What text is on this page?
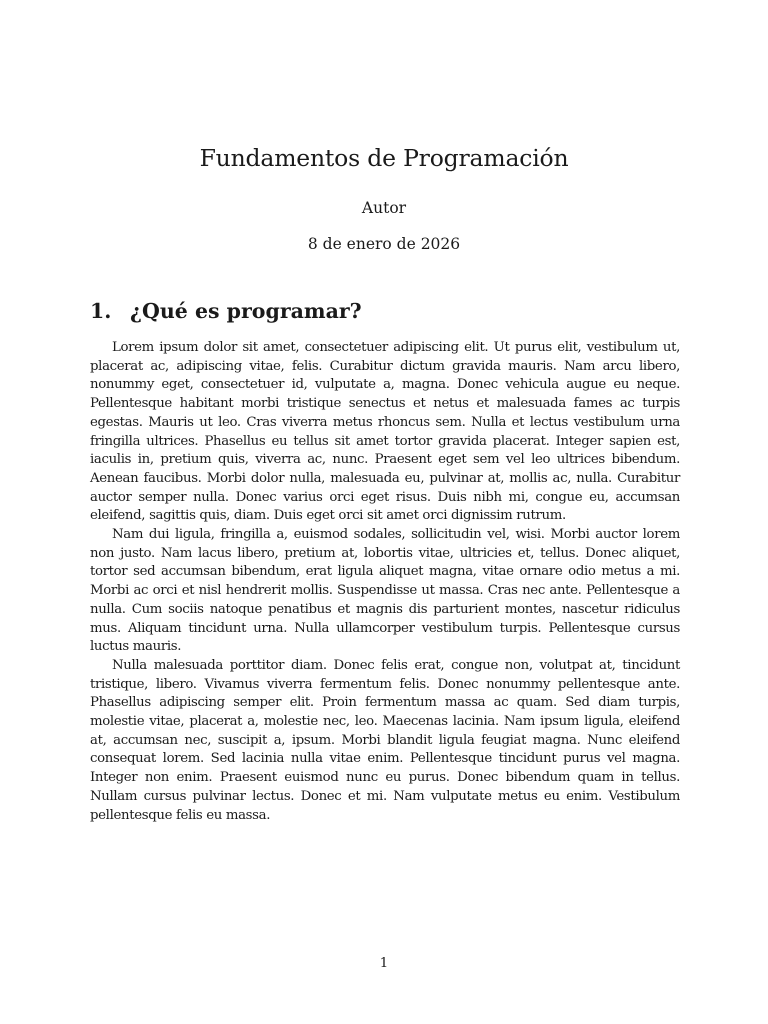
Fundamentos de Programación
Autor
8 de enero de 2026
1. ¿Qué es programar?

Lorem ipsum dolor sit amet, consectetuer adipiscing elit. Ut purus elit, vestibulum ut, placerat ac, adipiscing vitae, felis. Curabitur dictum gravida mauris. Nam arcu libero, nonummy eget, consectetuer id, vulputate a, magna. Donec vehicula augue eu neque. Pellentesque habitant morbi tristique senectus et netus et malesuada fames ac turpis egestas. Mauris ut leo. Cras viverra metus rhoncus sem. Nulla et lectus vestibulum urna fringilla ultrices. Phasellus eu tellus sit amet tortor gravida placerat. Integer sapien est, iaculis in, pretium quis, viverra ac, nunc. Praesent eget sem vel leo ultrices bibendum. Aenean faucibus. Morbi dolor nulla, malesuada eu, pulvinar at, mollis ac, nulla. Curabitur auctor semper nulla. Donec varius orci eget risus. Duis nibh mi, congue eu, accumsan eleifend, sagittis quis, diam. Duis eget orci sit amet orci dignissim rutrum.

Nam dui ligula, fringilla a, euismod sodales, sollicitudin vel, wisi. Morbi auctor lorem non justo. Nam lacus libero, pretium at, lobortis vitae, ultricies et, tellus. Donec aliquet, tortor sed accumsan bibendum, erat ligula aliquet magna, vitae ornare odio metus a mi. Morbi ac orci et nisl hendrerit mollis. Suspendisse ut massa. Cras nec ante. Pellentesque a nulla. Cum sociis natoque penatibus et magnis dis parturient montes, nascetur ridiculus mus. Aliquam tincidunt urna. Nulla ullamcorper vestibulum turpis. Pellentesque cursus luctus mauris.

Nulla malesuada porttitor diam. Donec felis erat, congue non, volutpat at, tincidunt tristique, libero. Vivamus viverra fermentum felis. Donec nonummy pellentesque ante. Phasellus adipiscing semper elit. Proin fermentum massa ac quam. Sed diam turpis, molestie vitae, placerat a, molestie nec, leo. Maecenas lacinia. Nam ipsum ligula, eleifend at, accumsan nec, suscipit a, ipsum. Morbi blandit ligula feugiat magna. Nunc eleifend consequat lorem. Sed lacinia nulla vitae enim. Pellentesque tincidunt purus vel magna. Integer non enim. Praesent euismod nunc eu purus. Donec bibendum quam in tellus. Nullam cursus pulvinar lectus. Donec et mi. Nam vulputate metus eu enim. Vestibulum pellentesque felis eu massa.

1
